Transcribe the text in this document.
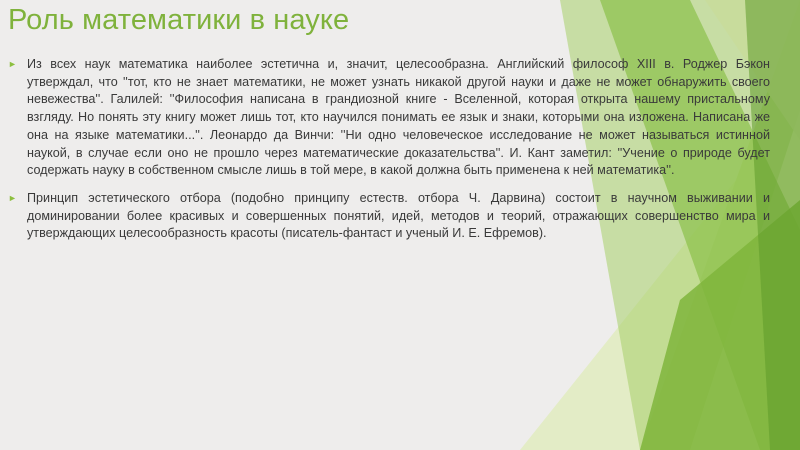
Роль математики в науке
► Из всех наук математика наиболее эстетична и, значит, целесообразна. Английский философ XIII в. Роджер Бэкон утверждал, что ''тот, кто не знает математики, не может узнать никакой другой науки и даже не может обнаружить своего невежества''. Галилей: ''Философия написана в грандиозной книге - Вселенной, которая открыта нашему пристальному взгляду. Но понять эту книгу может лишь тот, кто научился понимать ее язык и знаки, которыми она изложена. Написана же она на языке математики...''. Леонардо да Винчи: ''Ни одно человеческое исследование не может называться истинной наукой, в случае если оно не прошло через математические доказательства''. И. Кант заметил: ''Учение о природе будет содержать науку в собственном смысле лишь в той мере, в какой должна быть применена к ней математика''.
► Принцип эстетического отбора (подобно принципу естеств. отбора Ч. Дарвина) состоит в научном выживании и доминировании более красивых и совершенных понятий, идей, методов и теорий, отражающих совершенство мира и утверждающих целесообразность красоты (писатель-фантаст и ученый И. Е. Ефремов).
